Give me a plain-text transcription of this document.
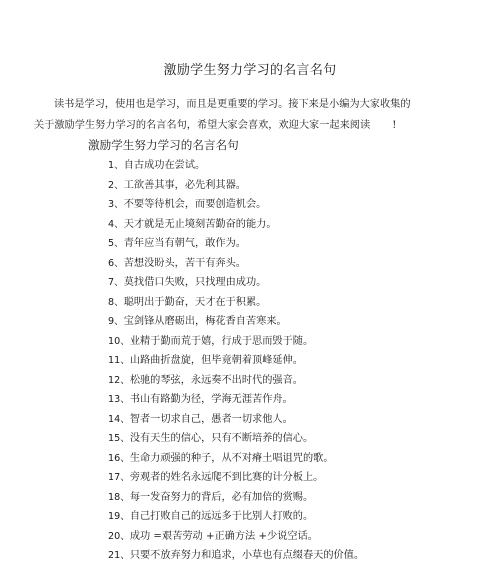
激励学生努力学习的名言名句
读书是学习，使用也是学习，而且是更重要的学习。接下来是小编为大家收集的
关于激励学生努力学习的名言名句，希望大家会喜欢，欢迎大家一起来阅读 !
激励学生努力学习的名言名句
1、自古成功在尝试。
2、工欲善其事，必先利其器。
3、不要等待机会，而要创造机会。
4、天才就是无止境刻苦勤奋的能力。
5、青年应当有朝气，敢作为。
6、苦想没盼头，苦干有奔头。
7、莫找借口失败，只找理由成功。
8、聪明出于勤奋，天才在于积累。
9、宝剑锋从磨砺出，梅花香自苦寒来。
10、业精于勤而荒于嬉，行成于思而毁于随。
11、山路曲折盘旋，但毕竟朝着顶峰延伸。
12、松驰的琴弦，永远奏不出时代的强音。
13、书山有路勤为径，学海无涯苦作舟。
14、智者一切求自己，愚者一切求他人。
15、没有天生的信心，只有不断培养的信心。
16、生命力顽强的种子，从不对瘠土唱诅咒的歌。
17、旁观者的姓名永远爬不到比赛的计分板上。
18、每一发奋努力的背后，必有加倍的赏赐。
19、自己打败自己的远远多于比别人打败的。
20、成功 =艰苦劳动 +正确方法 +少说空话。
21、只要不放弃努力和追求，小草也有点缀春天的价值。
